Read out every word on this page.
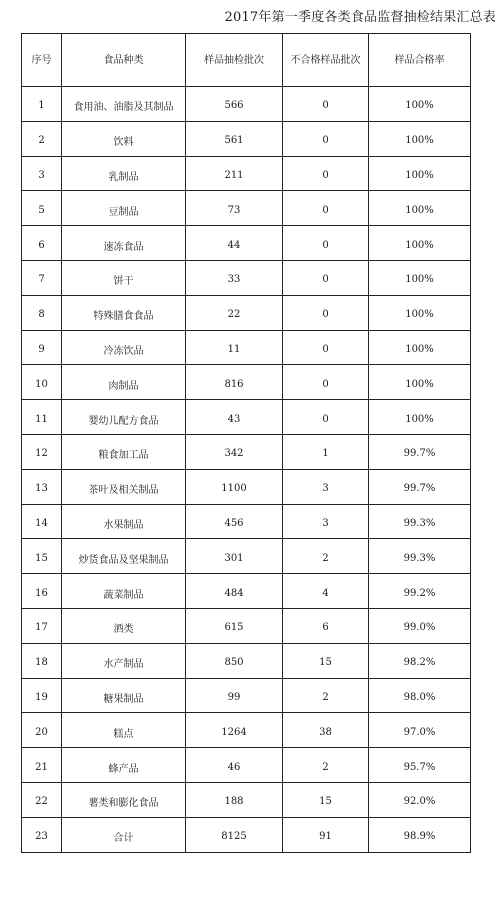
2017年第一季度各类食品监督抽检结果汇总表
序号	食品种类	样品抽检批次	不合格样品批次	样品合格率
1	食用油、油脂及其制品	566	0	100%
2	饮料	561	0	100%
3	乳制品	211	0	100%
5	豆制品	73	0	100%
6	速冻食品	44	0	100%
7	饼干	33	0	100%
8	特殊膳食食品	22	0	100%
9	冷冻饮品	11	0	100%
10	肉制品	816	0	100%
11	婴幼儿配方食品	43	0	100%
12	粮食加工品	342	1	99.7%
13	茶叶及相关制品	1100	3	99.7%
14	水果制品	456	3	99.3%
15	炒货食品及坚果制品	301	2	99.3%
16	蔬菜制品	484	4	99.2%
17	酒类	615	6	99.0%
18	水产制品	850	15	98.2%
19	糖果制品	99	2	98.0%
20	糕点	1264	38	97.0%
21	蜂产品	46	2	95.7%
22	薯类和膨化食品	188	15	92.0%
23	合计	8125	91	98.9%
